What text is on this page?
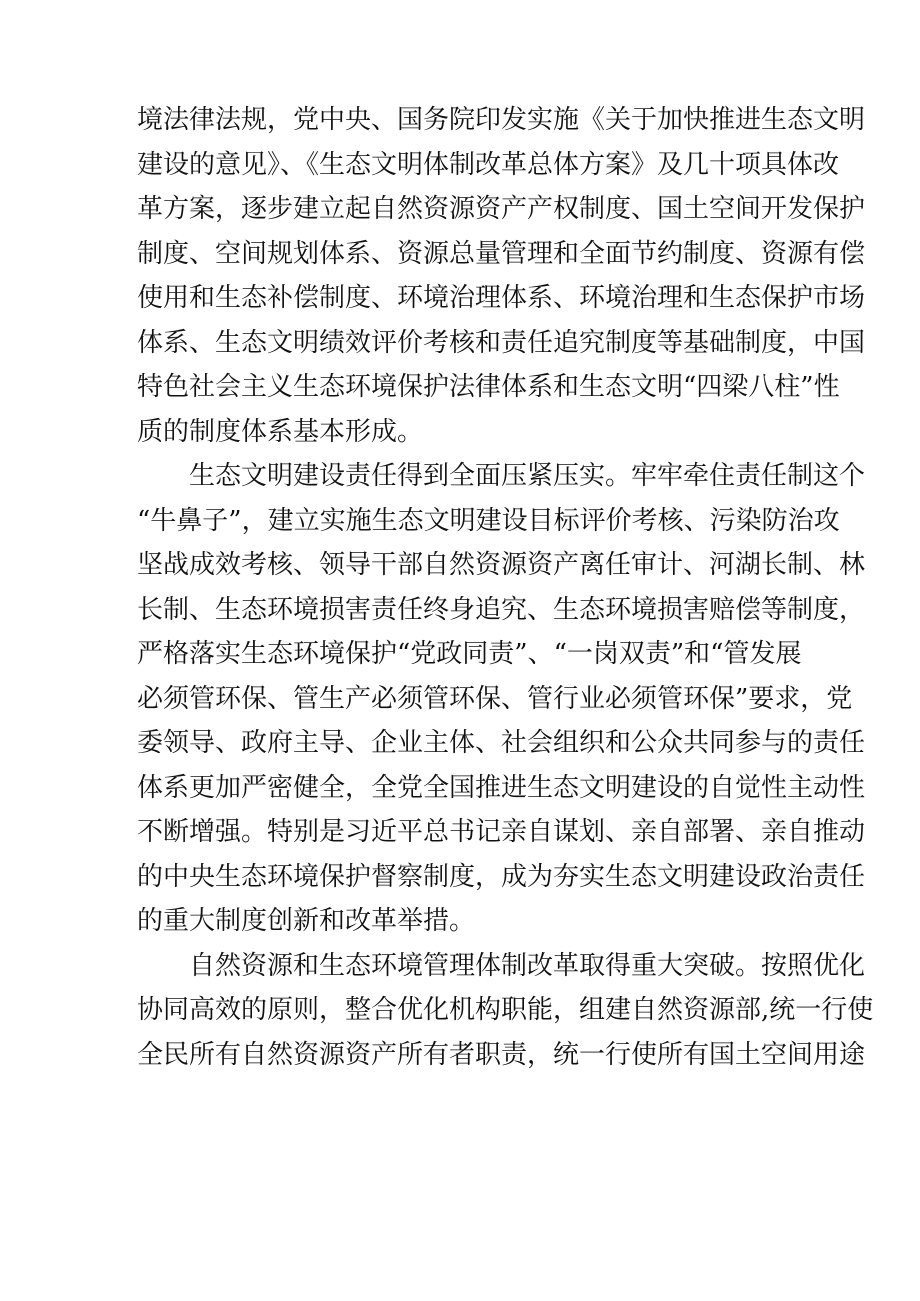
境法律法规，党中央、国务院印发实施《关于加快推进生态文明
建设的意见》、《生态文明体制改革总体方案》及几十项具体改
革方案，逐步建立起自然资源资产产权制度、国土空间开发保护
制度、空间规划体系、资源总量管理和全面节约制度、资源有偿
使用和生态补偿制度、环境治理体系、环境治理和生态保护市场
体系、生态文明绩效评价考核和责任追究制度等基础制度，中国
特色社会主义生态环境保护法律体系和生态文明“四梁八柱”性
质的制度体系基本形成。

生态文明建设责任得到全面压紧压实。牢牢牵住责任制这个
“牛鼻子”，建立实施生态文明建设目标评价考核、污染防治攻
坚战成效考核、领导干部自然资源资产离任审计、河湖长制、林
长制、生态环境损害责任终身追究、生态环境损害赔偿等制度，
严格落实生态环境保护“党政同责”、“一岗双责”和“管发展
必须管环保、管生产必须管环保、管行业必须管环保”要求，党
委领导、政府主导、企业主体、社会组织和公众共同参与的责任
体系更加严密健全，全党全国推进生态文明建设的自觉性主动性
不断增强。特别是习近平总书记亲自谋划、亲自部署、亲自推动
的中央生态环境保护督察制度，成为夯实生态文明建设政治责任
的重大制度创新和改革举措。

自然资源和生态环境管理体制改革取得重大突破。按照优化
协同高效的原则，整合优化机构职能，组建自然资源部,统一行使
全民所有自然资源资产所有者职责，统一行使所有国土空间用途
